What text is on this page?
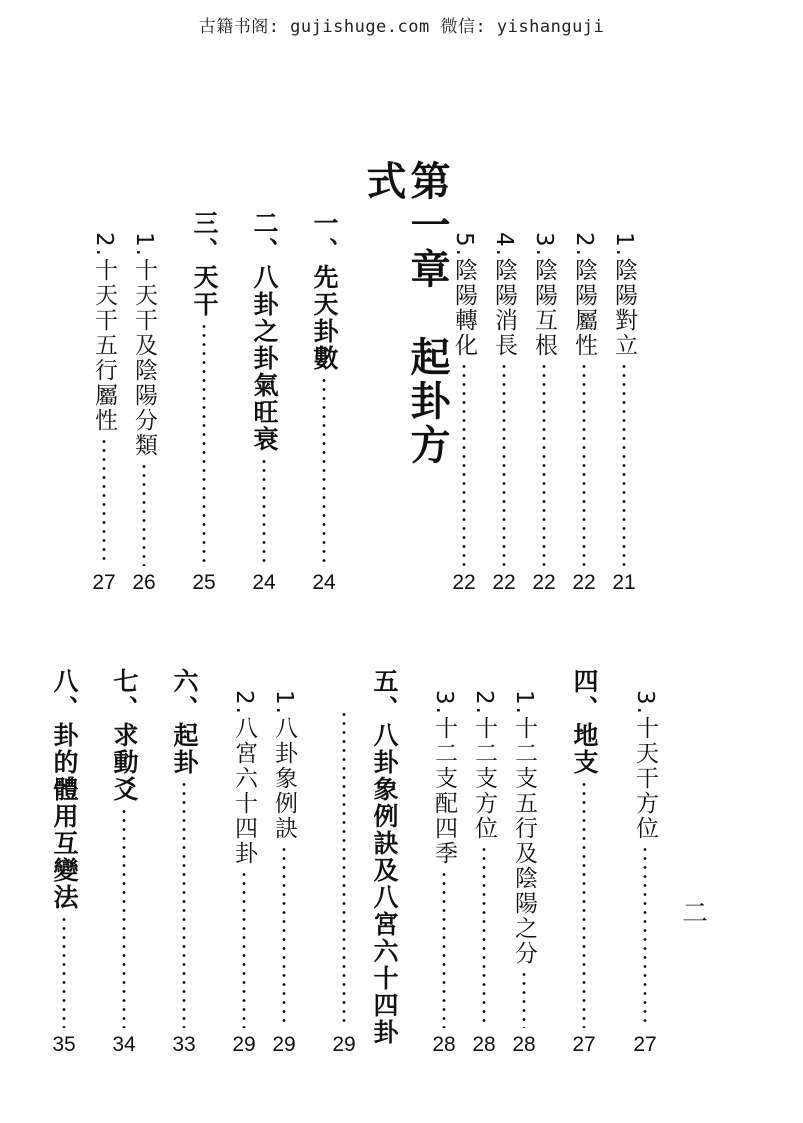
古籍书阁: gujishuge.com 微信: yishanguji
第一章　起卦方式
1.陰陽對立
21
2.陰陽屬性
22
3.陰陽互根
22
4.陰陽消長
22
5.陰陽轉化
22
一、先天卦數
24
二、八卦之卦氣旺衰
24
三、天干
25
1.十天干及陰陽分類
26
2.十天干五行屬性
27
3.十天干方位
27
四、地支
27
1.十二支五行及陰陽之分
28
2.十二支方位
28
3.十二支配四季
28
五、八卦象例訣及八宮六十四卦
29
1.八卦象例訣
29
2.八宮六十四卦
29
六、起卦
33
七、求動爻
34
八、卦的體用互變法
35
二
